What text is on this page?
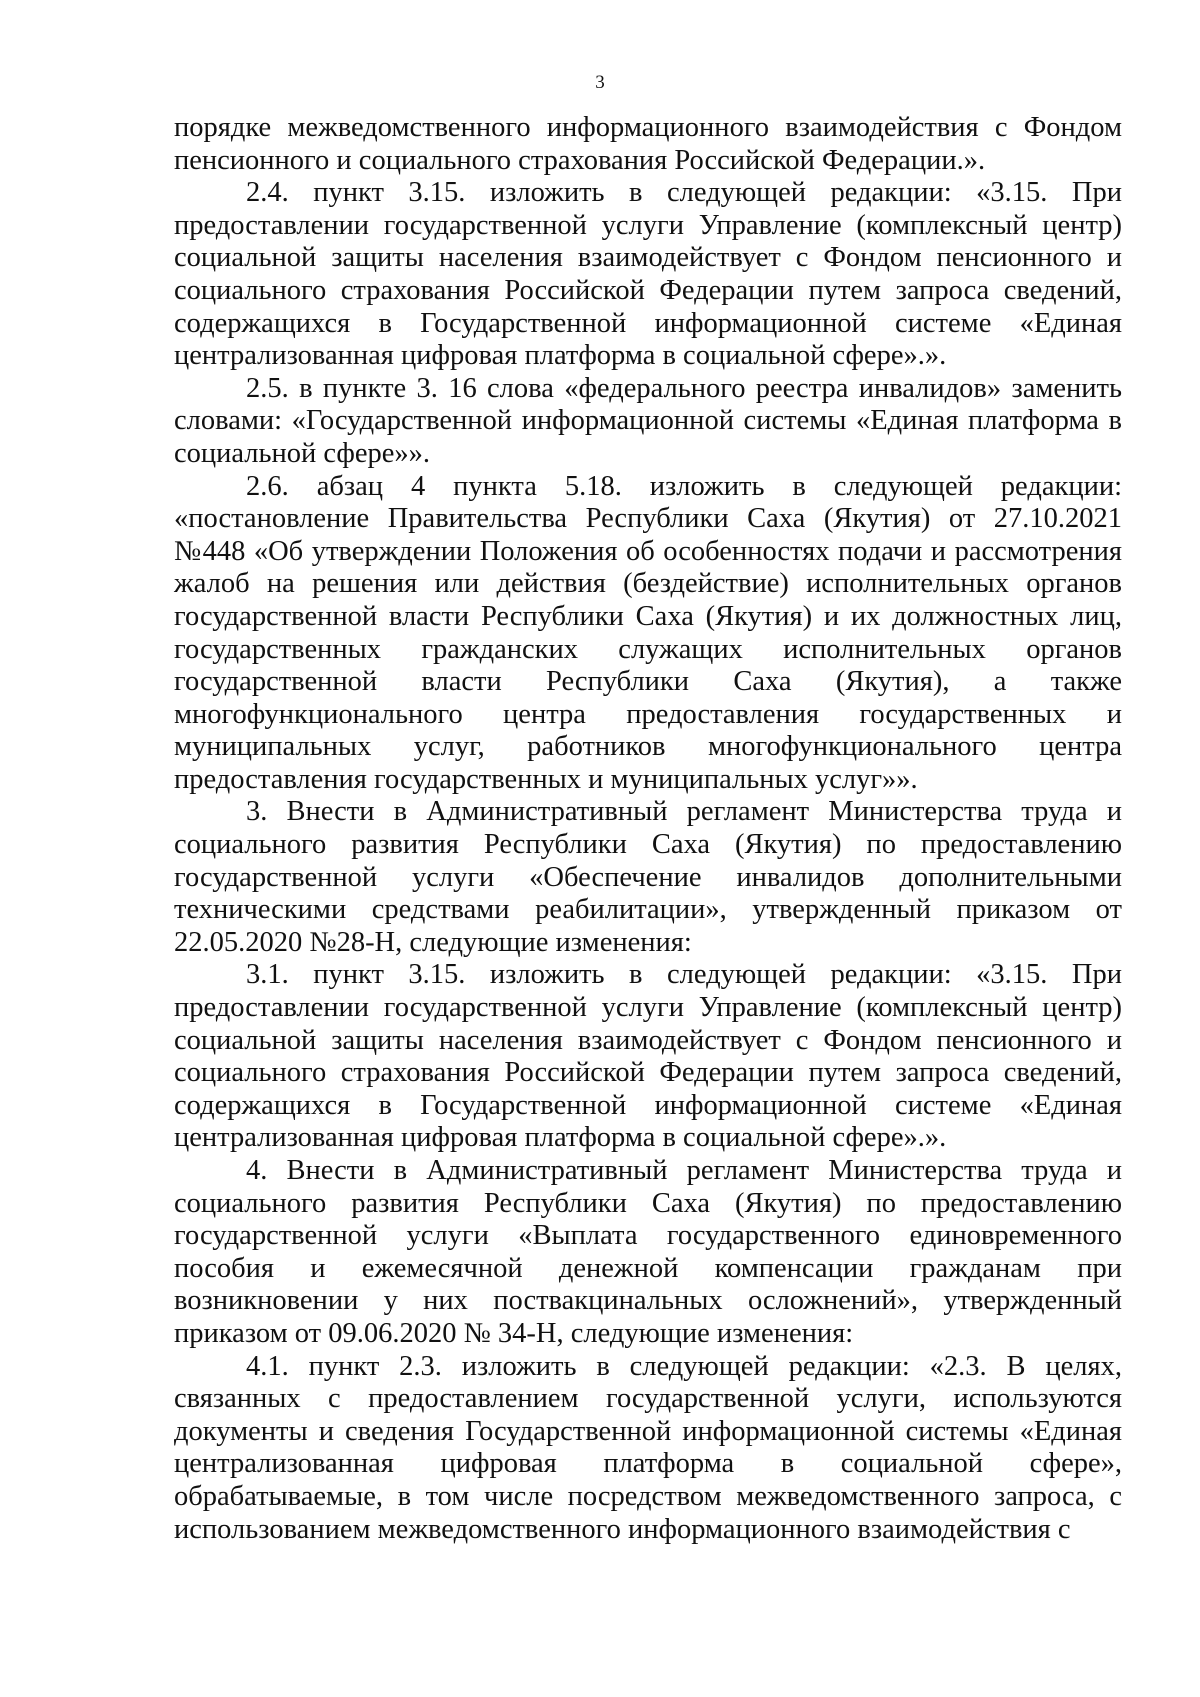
3

порядке межведомственного информационного взаимодействия с Фондом пенсионного и социального страхования Российской Федерации.».

2.4. пункт 3.15. изложить в следующей редакции: «3.15. При предоставлении государственной услуги Управление (комплексный центр) социальной защиты населения взаимодействует с Фондом пенсионного и социального страхования Российской Федерации путем запроса сведений, содержащихся в Государственной информационной системе «Единая централизованная цифровая платформа в социальной сфере».».

2.5. в пункте 3. 16 слова «федерального реестра инвалидов» заменить словами: «Государственной информационной системы «Единая платформа в социальной сфере»».

2.6. абзац 4 пункта 5.18. изложить в следующей редакции: «постановление Правительства Республики Саха (Якутия) от 27.10.2021 №448 «Об утверждении Положения об особенностях подачи и рассмотрения жалоб на решения или действия (бездействие) исполнительных органов государственной власти Республики Саха (Якутия) и их должностных лиц, государственных гражданских служащих исполнительных органов государственной власти Республики Саха (Якутия), а также многофункционального центра предоставления государственных и муниципальных услуг, работников многофункционального центра предоставления государственных и муниципальных услуг»».

3. Внести в Административный регламент Министерства труда и социального развития Республики Саха (Якутия) по предоставлению государственной услуги «Обеспечение инвалидов дополнительными техническими средствами реабилитации», утвержденный приказом от 22.05.2020 №28-Н, следующие изменения:

3.1. пункт 3.15. изложить в следующей редакции: «3.15. При предоставлении государственной услуги Управление (комплексный центр) социальной защиты населения взаимодействует с Фондом пенсионного и социального страхования Российской Федерации путем запроса сведений, содержащихся в Государственной информационной системе «Единая централизованная цифровая платформа в социальной сфере».».

4. Внести в Административный регламент Министерства труда и социального развития Республики Саха (Якутия) по предоставлению государственной услуги «Выплата государственного единовременного пособия и ежемесячной денежной компенсации гражданам при возникновении у них поствакцинальных осложнений», утвержденный приказом от 09.06.2020 № 34-Н, следующие изменения:

4.1. пункт 2.3. изложить в следующей редакции: «2.3. В целях, связанных с предоставлением государственной услуги, используются документы и сведения Государственной информационной системы «Единая централизованная цифровая платформа в социальной сфере», обрабатываемые, в том числе посредством межведомственного запроса, с использованием межведомственного информационного взаимодействия с
